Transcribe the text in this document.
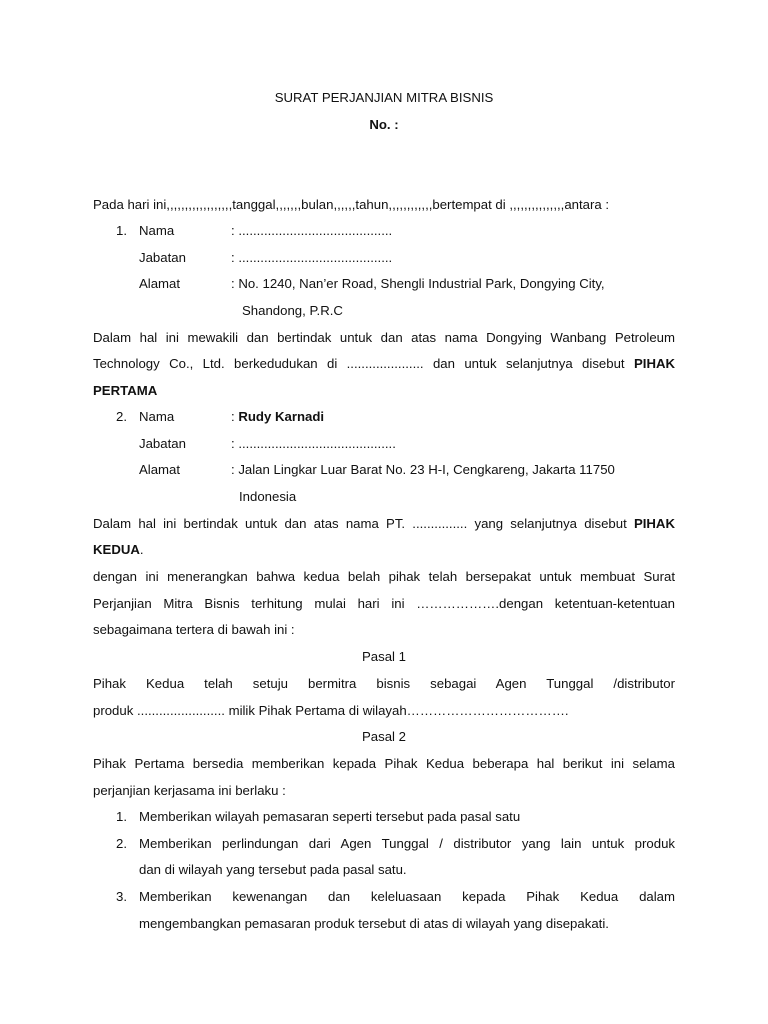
SURAT PERJANJIAN MITRA BISNIS
No. :
Pada hari ini,,,,,,,,,,,,,,,,,,tanggal,,,,,,,bulan,,,,,,tahun,,,,,,,,,,,,bertempat di ,,,,,,,,,,,,,,,antara :
1. Nama	: ..........................................
Jabatan	: ..........................................
Alamat	: No. 1240, Nan’er Road, Shengli Industrial Park, Dongying City,
Shandong, P.R.C
Dalam hal ini mewakili dan bertindak untuk dan atas nama Dongying Wanbang Petroleum
Technology Co., Ltd. berkedudukan di ..................... dan untuk selanjutnya disebut PIHAK
PERTAMA
2. Nama	: Rudy Karnadi
Jabatan	: ...........................................
Alamat	: Jalan Lingkar Luar Barat No. 23 H-I, Cengkareng, Jakarta 11750
Indonesia
Dalam hal ini bertindak untuk dan atas nama PT. ............... yang selanjutnya disebut PIHAK
KEDUA.
dengan ini menerangkan bahwa kedua belah pihak telah bersepakat untuk membuat Surat
Perjanjian Mitra Bisnis terhitung mulai hari ini ……………….dengan ketentuan-ketentuan
sebagaimana tertera di bawah ini :
Pasal 1
Pihak Kedua telah setuju bermitra bisnis sebagai Agen Tunggal /distributor
produk ........................ milik Pihak Pertama di wilayah……………………………….
Pasal 2
Pihak Pertama bersedia memberikan kepada Pihak Kedua beberapa hal berikut ini selama
perjanjian kerjasama ini berlaku :
1. Memberikan wilayah pemasaran seperti tersebut pada pasal satu
2. Memberikan perlindungan dari Agen Tunggal / distributor yang lain untuk produk
dan di wilayah yang tersebut pada pasal satu.
3. Memberikan kewenangan dan keleluasaan kepada Pihak Kedua dalam
mengembangkan pemasaran produk tersebut di atas di wilayah yang disepakati.
